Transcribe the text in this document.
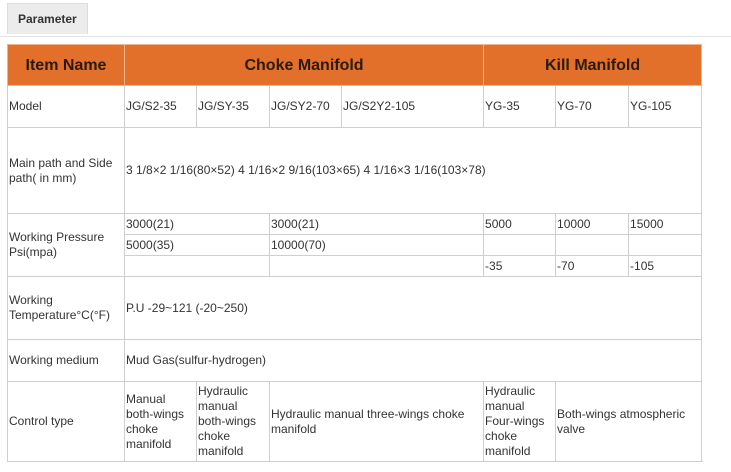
Parameter
Item Name	Choke Manifold				Kill Manifold		
Model	JG/S2-35	JG/SY-35	JG/SY2-70	JG/S2Y2-105	YG-35	YG-70	YG-105
Main path and Side path( in mm)	3 1/8×2 1/16(80×52) 4 1/16×2 9/16(103×65) 4 1/16×3 1/16(103×78)						
Working Pressure Psi(mpa)	3000(21)		3000(21)		5000	10000	15000
	5000(35)		10000(70)				
					-35	-70	-105
Working Temperature°C(°F)	P.U -29~121 (-20~250)						
Working medium	Mud Gas(sulfur-hydrogen)						
Control type	Manual both-wings choke manifold	Hydraulic manual both-wings choke manifold	Hydraulic manual three-wings choke manifold		Hydraulic manual Four-wings choke manifold	Both-wings atmospheric valve	
